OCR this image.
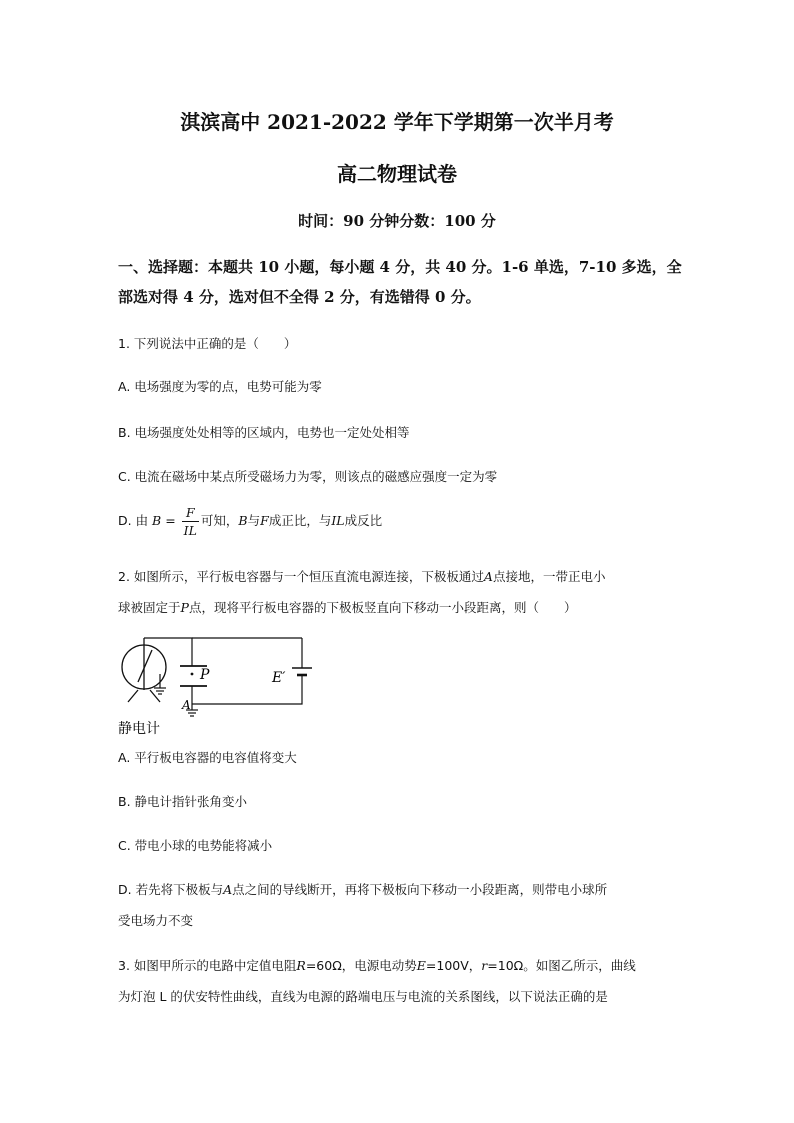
淇滨高中 2021-2022 学年下学期第一次半月考
高二物理试卷
时间：90 分钟分数：100 分
一、选择题：本题共 10 小题，每小题 4 分，共 40 分。1-6 单选，7-10 多选，全
部选对得 4 分，选对但不全得 2 分，有选错得 0 分。
1. 下列说法中正确的是（　　）
A. 电场强度为零的点，电势可能为零
B. 电场强度处处相等的区域内，电势也一定处处相等
C. 电流在磁场中某点所受磁场力为零，则该点的磁感应强度一定为零
D. 由 $B = \frac{F}{IL}$ 可知，B与F成正比，与IL成反比
2. 如图所示，平行板电容器与一个恒压直流电源连接，下极板通过A点接地，一带正电小
球被固定于P点，现将平行板电容器的下极板竖直向下移动一小段距离，则（　　）
P
A
E′
静电计
A. 平行板电容器的电容值将变大
B. 静电计指针张角变小
C. 带电小球的电势能将减小
D. 若先将下极板与A点之间的导线断开，再将下极板向下移动一小段距离，则带电小球所
受电场力不变
3. 如图甲所示的电路中定值电阻R=60Ω，电源电动势E=100V，r=10Ω。如图乙所示，曲线
为灯泡 L 的伏安特性曲线，直线为电源的路端电压与电流的关系图线，以下说法正确的是
